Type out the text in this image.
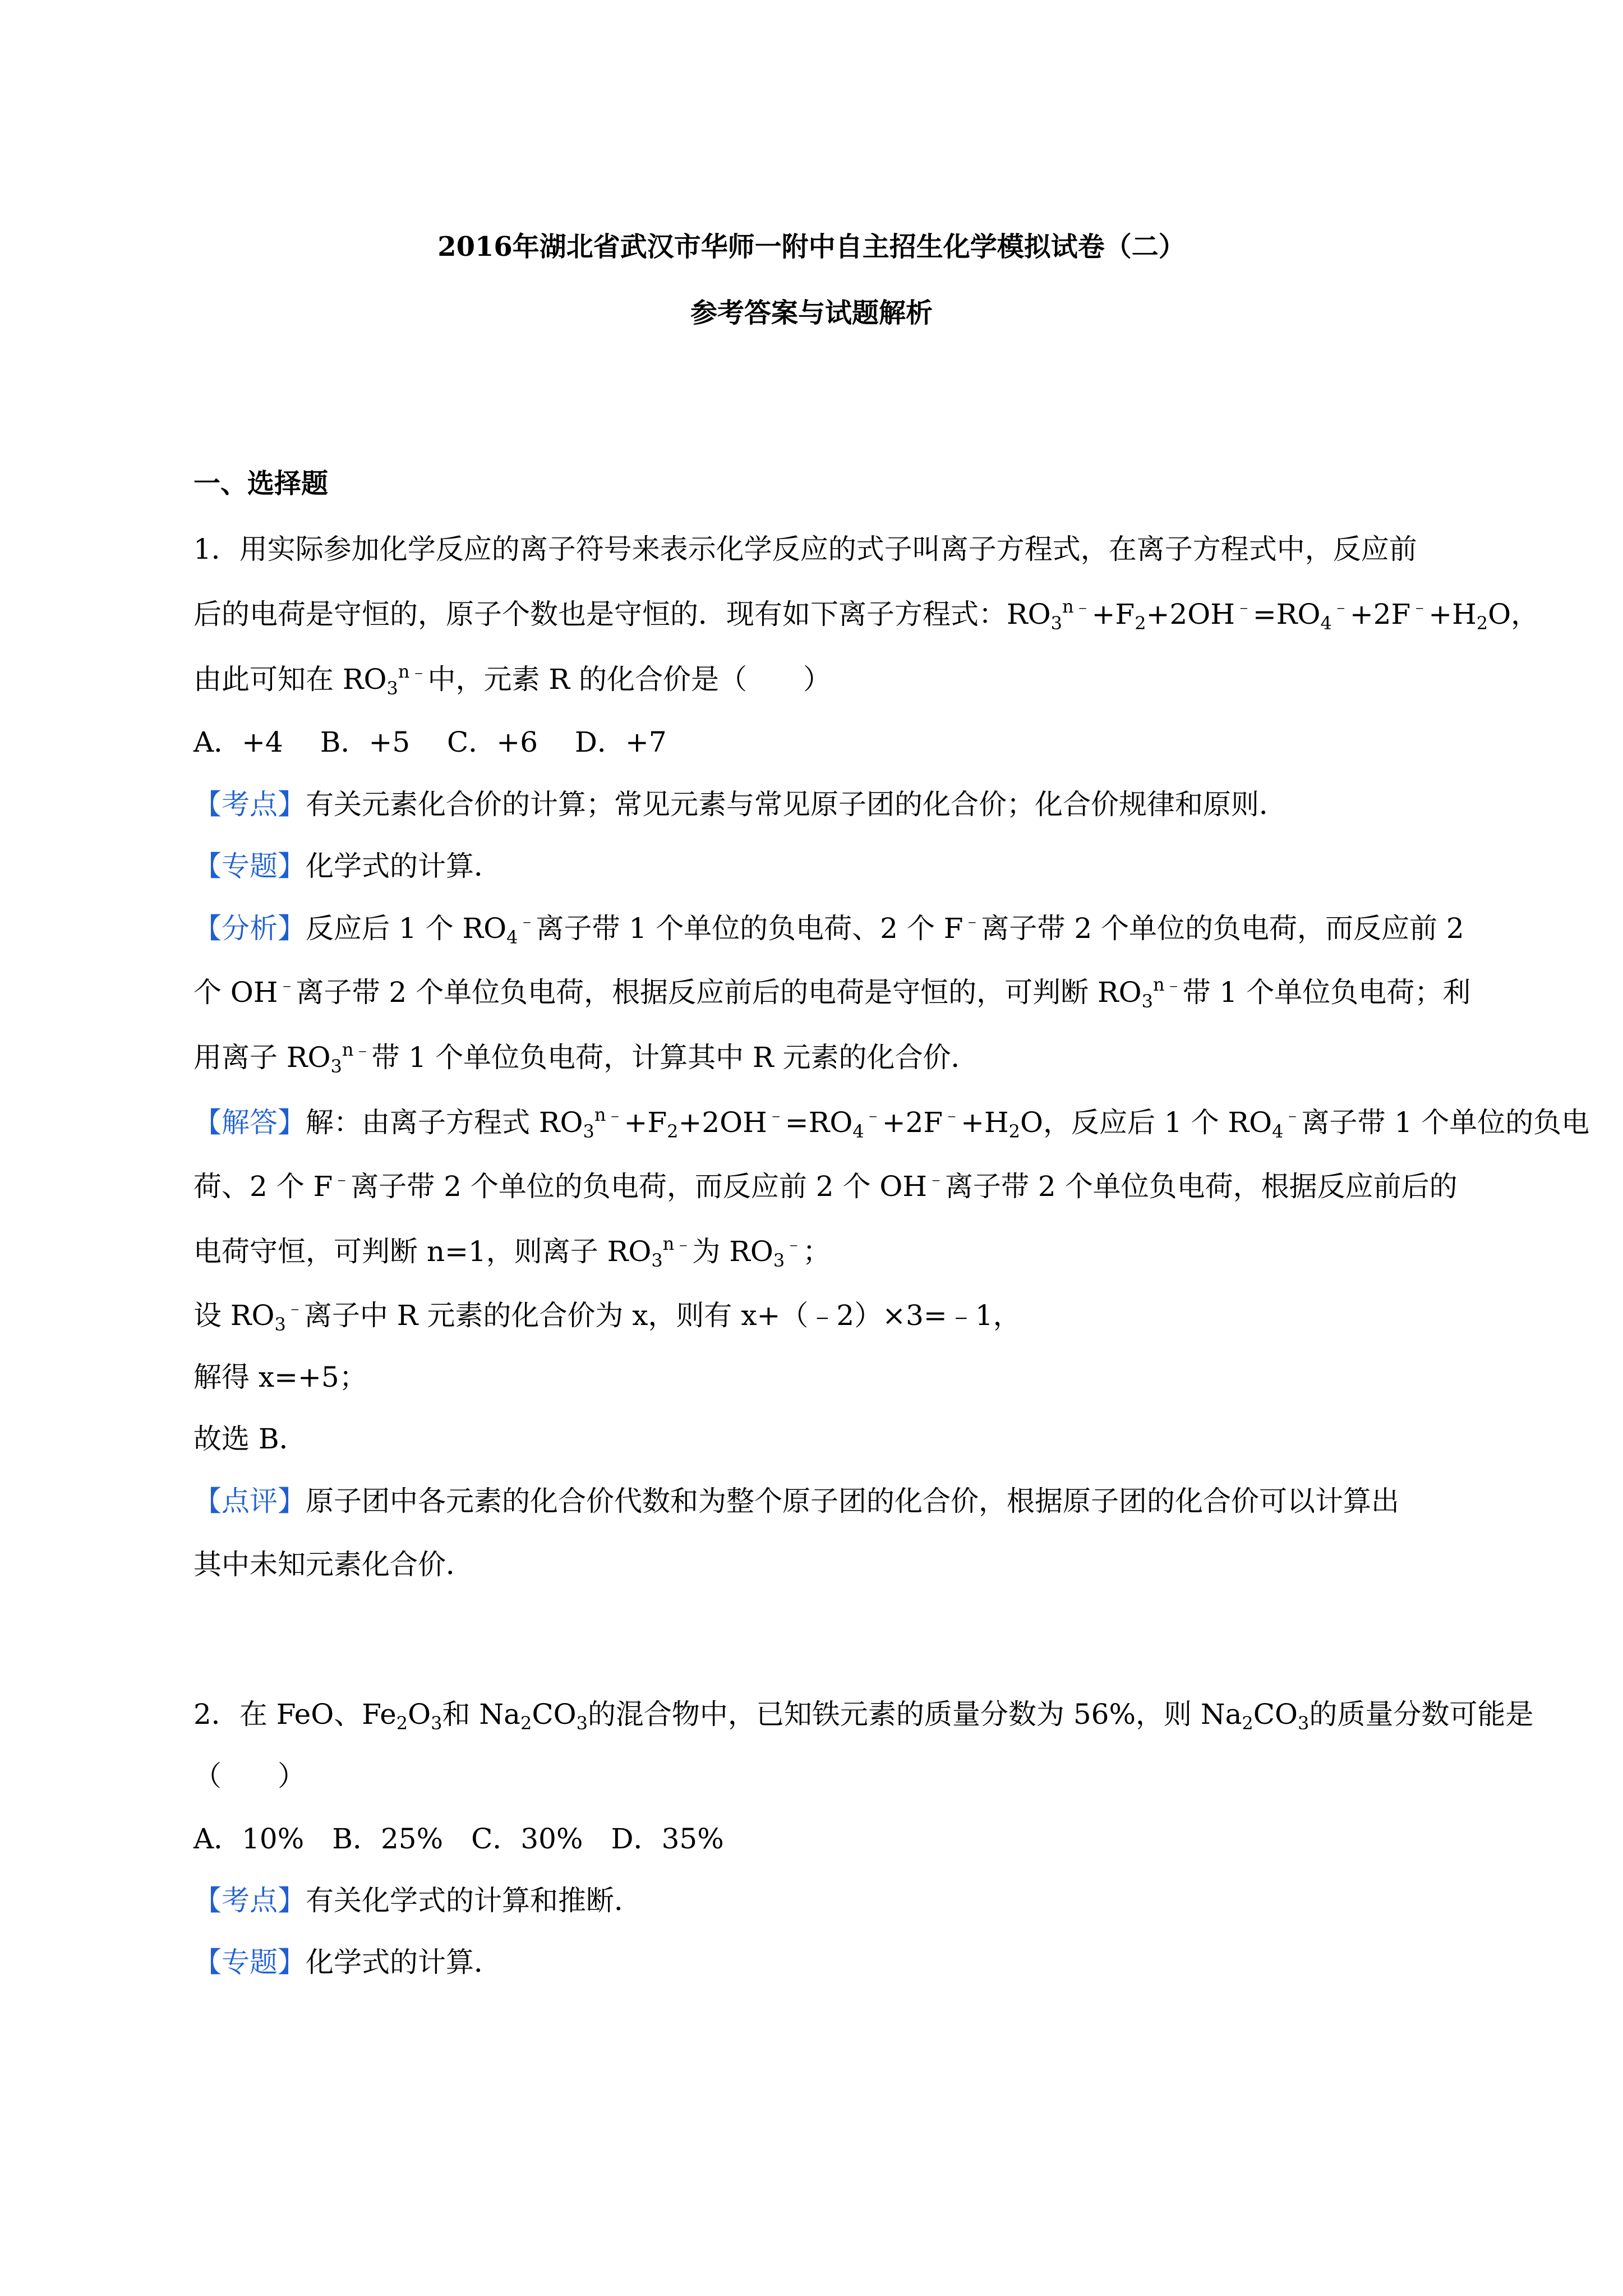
2016年湖北省武汉市华师一附中自主招生化学模拟试卷（二）
参考答案与试题解析
一、选择题
1．用实际参加化学反应的离子符号来表示化学反应的式子叫离子方程式，在离子方程式中，反应前
后的电荷是守恒的，原子个数也是守恒的．现有如下离子方程式：$RO_3^{n﹣}+F_2+2OH^﹣=RO_4^﹣+2F^﹣+H_2O$，
由此可知在 $RO_3^{n﹣}$中，元素 R 的化合价是（　　）
A．+4　 B．+5　 C．+6　 D．+7
【考点】有关元素化合价的计算；常见元素与常见原子团的化合价；化合价规律和原则．
【专题】化学式的计算．
【分析】反应后 1 个 $RO_4^﹣$离子带 1 个单位的负电荷、2 个 F﹣离子带 2 个单位的负电荷，而反应前 2
个 OH﹣离子带 2 个单位负电荷，根据反应前后的电荷是守恒的，可判断 $RO_3^{n﹣}$带 1 个单位负电荷；利
用离子 $RO_3^{n﹣}$带 1 个单位负电荷，计算其中 R 元素的化合价．
【解答】解：由离子方程式 $RO_3^{n﹣}+F_2+2OH^﹣=RO_4^﹣+2F^﹣+H_2O$，反应后 1 个 $RO_4^﹣$离子带 1 个单位的负电
荷、2 个 F﹣离子带 2 个单位的负电荷，而反应前 2 个 OH﹣离子带 2 个单位负电荷，根据反应前后的
电荷守恒，可判断 n=1，则离子 $RO_3^{n﹣}$为 $RO_3^﹣$；
设 $RO_3^﹣$离子中 R 元素的化合价为 x，则有 x+（﹣2）×3=﹣1，
解得 x=+5；
故选 B．
【点评】原子团中各元素的化合价代数和为整个原子团的化合价，根据原子团的化合价可以计算出
其中未知元素化合价．
2．在 FeO、$Fe_2O_3$和 $Na_2CO_3$的混合物中，已知铁元素的质量分数为 56%，则 $Na_2CO_3$的质量分数可能是
（　　）
A．10%　B．25%　C．30%　D．35%
【考点】有关化学式的计算和推断．
【专题】化学式的计算．
